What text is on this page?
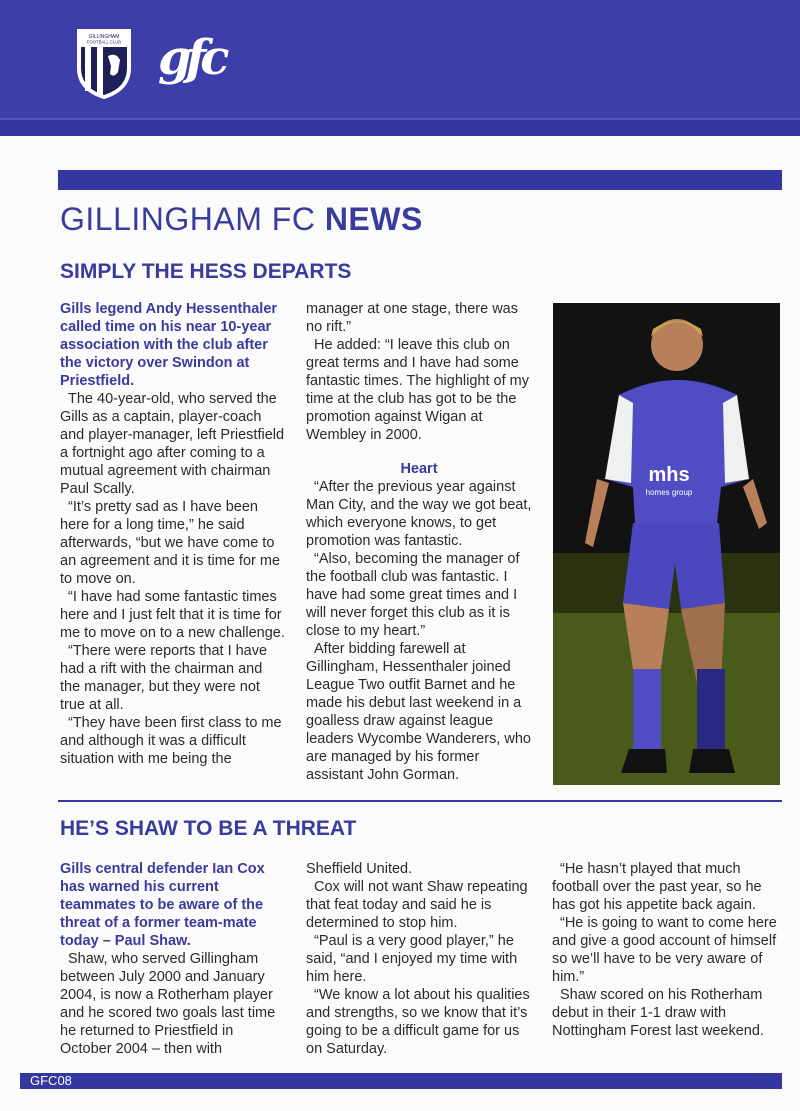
GILLINGHAM
FOOTBALL CLUB gfc
GILLINGHAM FC NEWS
SIMPLY THE HESS DEPARTS

Gills legend Andy Hessenthaler called time on his near 10-year association with the club after the victory over Swindon at Priestfield.

The 40-year-old, who served the Gills as a captain, player-coach and player-manager, left Priestfield a fortnight ago after coming to a mutual agreement with chairman Paul Scally.

“It’s pretty sad as I have been here for a long time,” he said afterwards, “but we have come to an agreement and it is time for me to move on.

“I have had some fantastic times here and I just felt that it is time for me to move on to a new challenge.

“There were reports that I have had a rift with the chairman and the manager, but they were not true at all.

“They have been first class to me and although it was a difficult situation with me being the

manager at one stage, there was no rift.”

He added: “I leave this club on great terms and I have had some fantastic times. The highlight of my time at the club has got to be the promotion against Wigan at Wembley in 2000.

Heart

“After the previous year against Man City, and the way we got beat, which everyone knows, to get promotion was fantastic.

“Also, becoming the manager of the football club was fantastic. I have had some great times and I will never forget this club as it is close to my heart.”

After bidding farewell at Gillingham, Hessenthaler joined League Two outfit Barnet and he made his debut last weekend in a goalless draw against league leaders Wycombe Wanderers, who are managed by his former assistant John Gorman.

mhs
homes group
HE’S SHAW TO BE A THREAT

Gills central defender Ian Cox has warned his current teammates to be aware of the threat of a former team-mate today – Paul Shaw.

Shaw, who served Gillingham between July 2000 and January 2004, is now a Rotherham player and he scored two goals last time he returned to Priestfield in October 2004 – then with

Sheffield United.

Cox will not want Shaw repeating that feat today and said he is determined to stop him.

“Paul is a very good player,” he said, “and I enjoyed my time with him here.

“We know a lot about his qualities and strengths, so we know that it’s going to be a difficult game for us on Saturday.

“He hasn’t played that much football over the past year, so he has got his appetite back again.

“He is going to want to come here and give a good account of himself so we’ll have to be very aware of him.”

Shaw scored on his Rotherham debut in their 1-1 draw with Nottingham Forest last weekend.

GFC08
